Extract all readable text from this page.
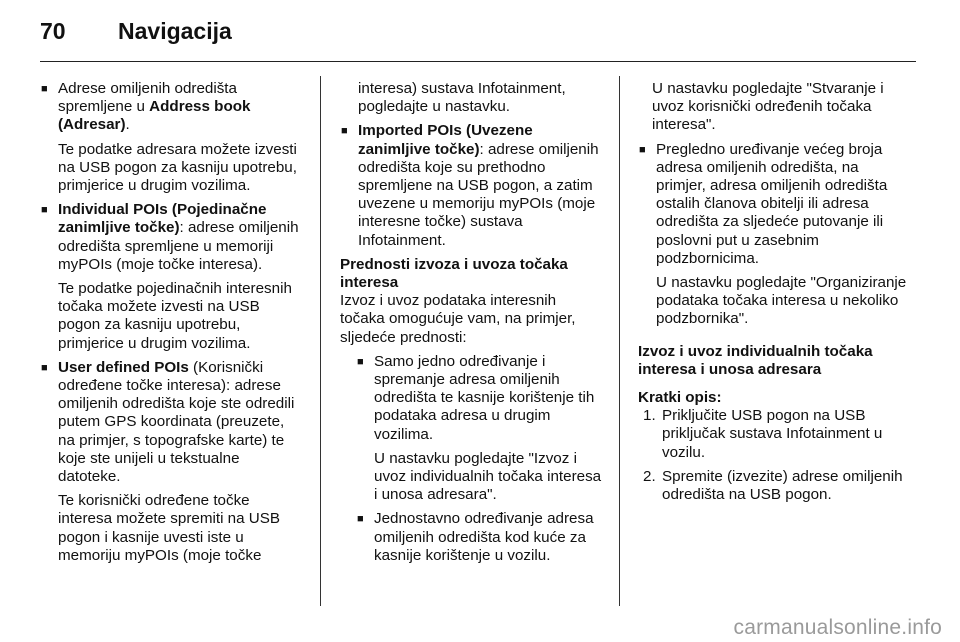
70 Navigacija
■ Adrese omiljenih odredišta spremljene u Address book (Adresar).

Te podatke adresara možete izvesti na USB pogon za kasniju upotrebu, primjerice u drugim vozilima.

■ Individual POIs (Pojedinačne zanimljive točke): adrese omiljenih odredišta spremljene u memoriji myPOIs (moje točke interesa).

Te podatke pojedinačnih interesnih točaka možete izvesti na USB pogon za kasniju upotrebu, primjerice u drugim vozilima.

■ User defined POIs (Korisnički određene točke interesa): adrese omiljenih odredišta koje ste odredili putem GPS koordinata (preuzete, na primjer, s topografske karte) te koje ste unijeli u tekstualne datoteke.

Te korisnički određene točke interesa možete spremiti na USB pogon i kasnije uvesti iste u memoriju myPOIs (moje točke

interesa) sustava Infotainment, pogledajte u nastavku.

■ Imported POIs (Uvezene zanimljive točke): adrese omiljenih odredišta koje su prethodno spremljene na USB pogon, a zatim uvezene u memoriju myPOIs (moje interesne točke) sustava Infotainment.

Prednosti izvoza i uvoza točaka interesa

Izvoz i uvoz podataka interesnih točaka omogućuje vam, na primjer, sljedeće prednosti:

■ Samo jedno određivanje i spremanje adresa omiljenih odredišta te kasnije korištenje tih podataka adresa u drugim vozilima.

U nastavku pogledajte "Izvoz i uvoz individualnih točaka interesa i unosa adresara".

■ Jednostavno određivanje adresa omiljenih odredišta kod kuće za kasnije korištenje u vozilu.

U nastavku pogledajte "Stvaranje i uvoz korisnički određenih točaka interesa".

■ Pregledno uređivanje većeg broja adresa omiljenih odredišta, na primjer, adresa omiljenih odredišta ostalih članova obitelji ili adresa odredišta za sljedeće putovanje ili poslovni put u zasebnim podzbornicima.

U nastavku pogledajte "Organiziranje podataka točaka interesa u nekoliko podzbornika".

Izvoz i uvoz individualnih točaka interesa i unosa adresara

Kratki opis:

1. Priključite USB pogon na USB priključak sustava Infotainment u vozilu.
2. Spremite (izvezite) adrese omiljenih odredišta na USB pogon.
carmanualsonline.info
